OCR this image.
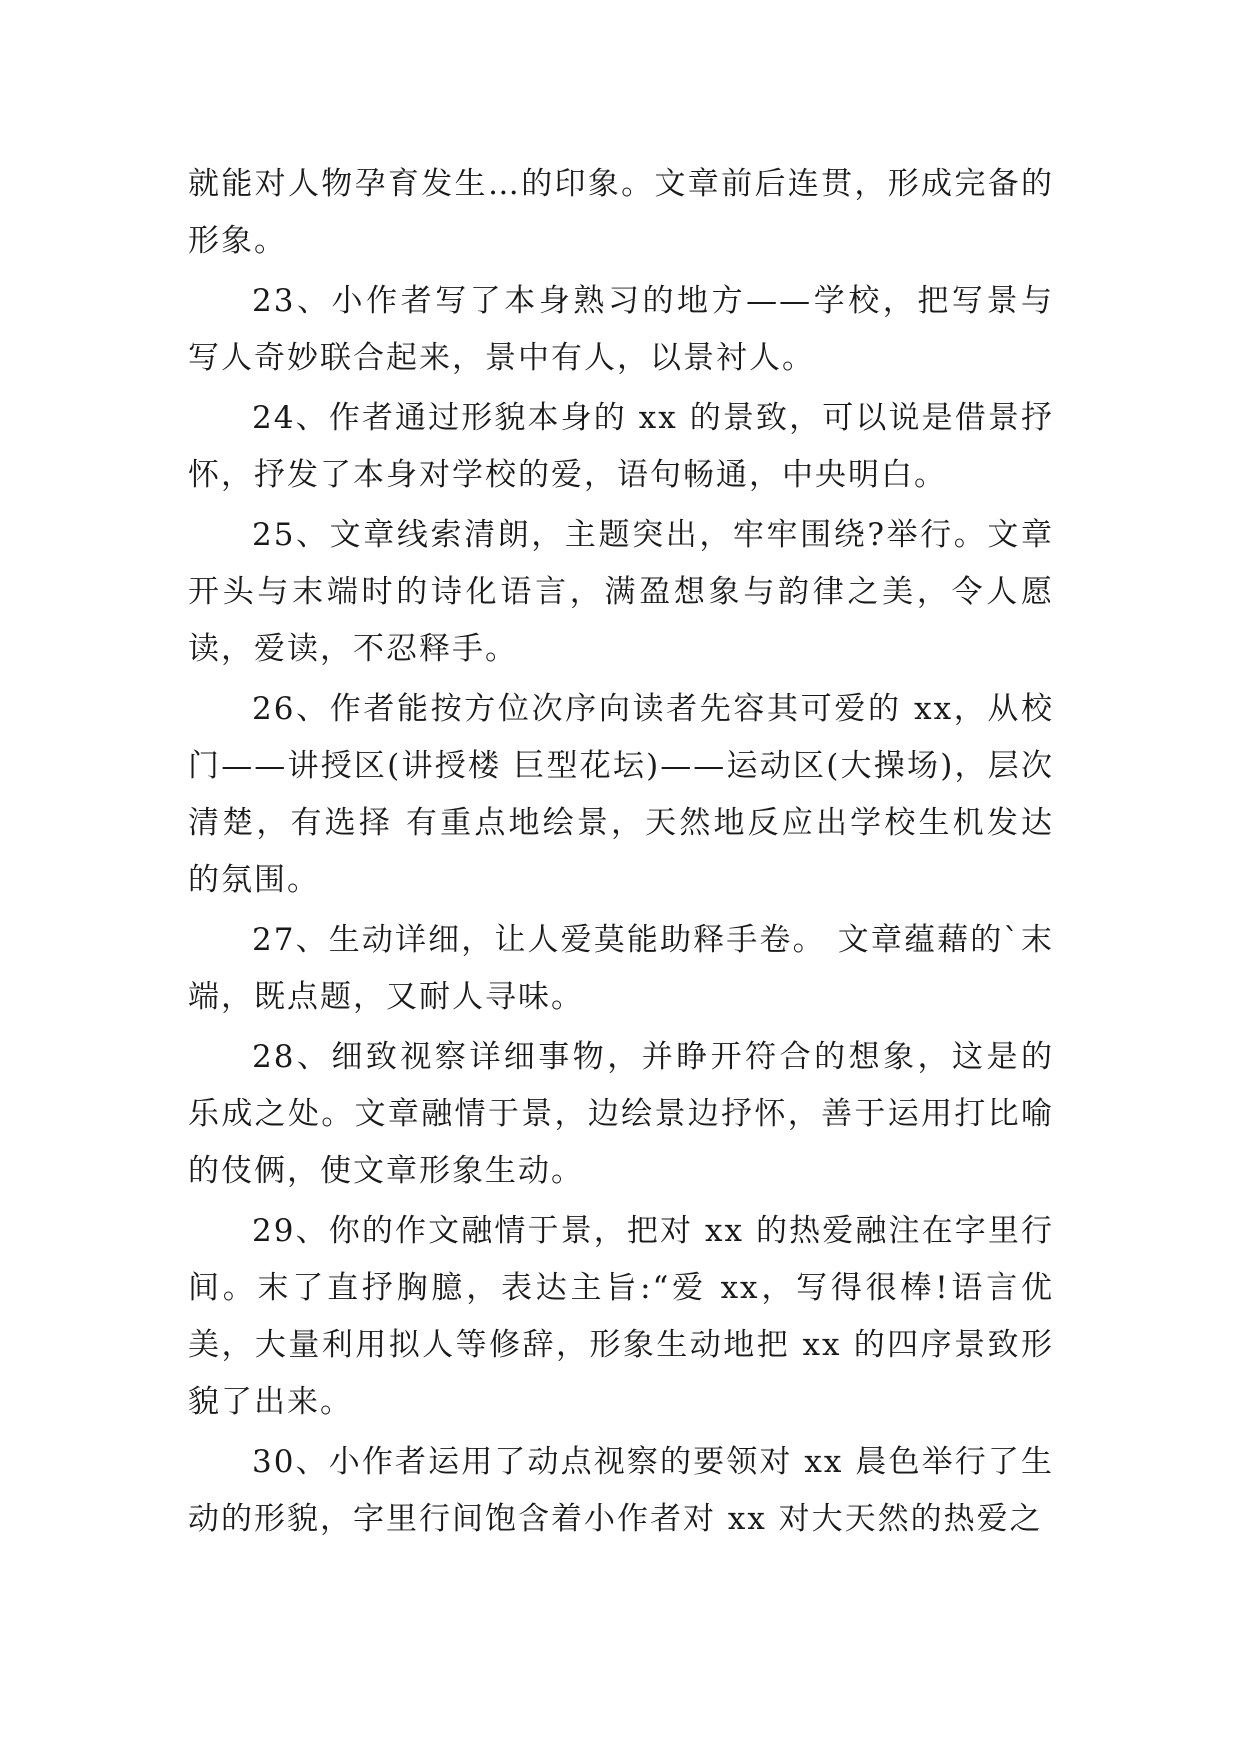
就能对人物孕育发生…的印象。文章前后连贯，形成完备的形象。

23、小作者写了本身熟习的地方——学校，把写景与写人奇妙联合起来，景中有人，以景衬人。

24、作者通过形貌本身的 xx 的景致，可以说是借景抒怀，抒发了本身对学校的爱，语句畅通，中央明白。

25、文章线索清朗，主题突出，牢牢围绕?举行。文章开头与末端时的诗化语言，满盈想象与韵律之美，令人愿读，爱读，不忍释手。

26、作者能按方位次序向读者先容其可爱的 xx，从校门——讲授区(讲授楼 巨型花坛)——运动区(大操场)，层次清楚，有选择 有重点地绘景，天然地反应出学校生机发达的氛围。

27、生动详细，让人爱莫能助释手卷。 文章蕴藉的`末端，既点题，又耐人寻味。

28、细致视察详细事物，并睁开符合的想象，这是的乐成之处。文章融情于景，边绘景边抒怀，善于运用打比喻的伎俩，使文章形象生动。

29、你的作文融情于景，把对 xx 的热爱融注在字里行间。末了直抒胸臆，表达主旨:“爱 xx，写得很棒!语言优美，大量利用拟人等修辞，形象生动地把 xx 的四序景致形貌了出来。

30、小作者运用了动点视察的要领对 xx 晨色举行了生动的形貌，字里行间饱含着小作者对 xx 对大天然的热爱之
